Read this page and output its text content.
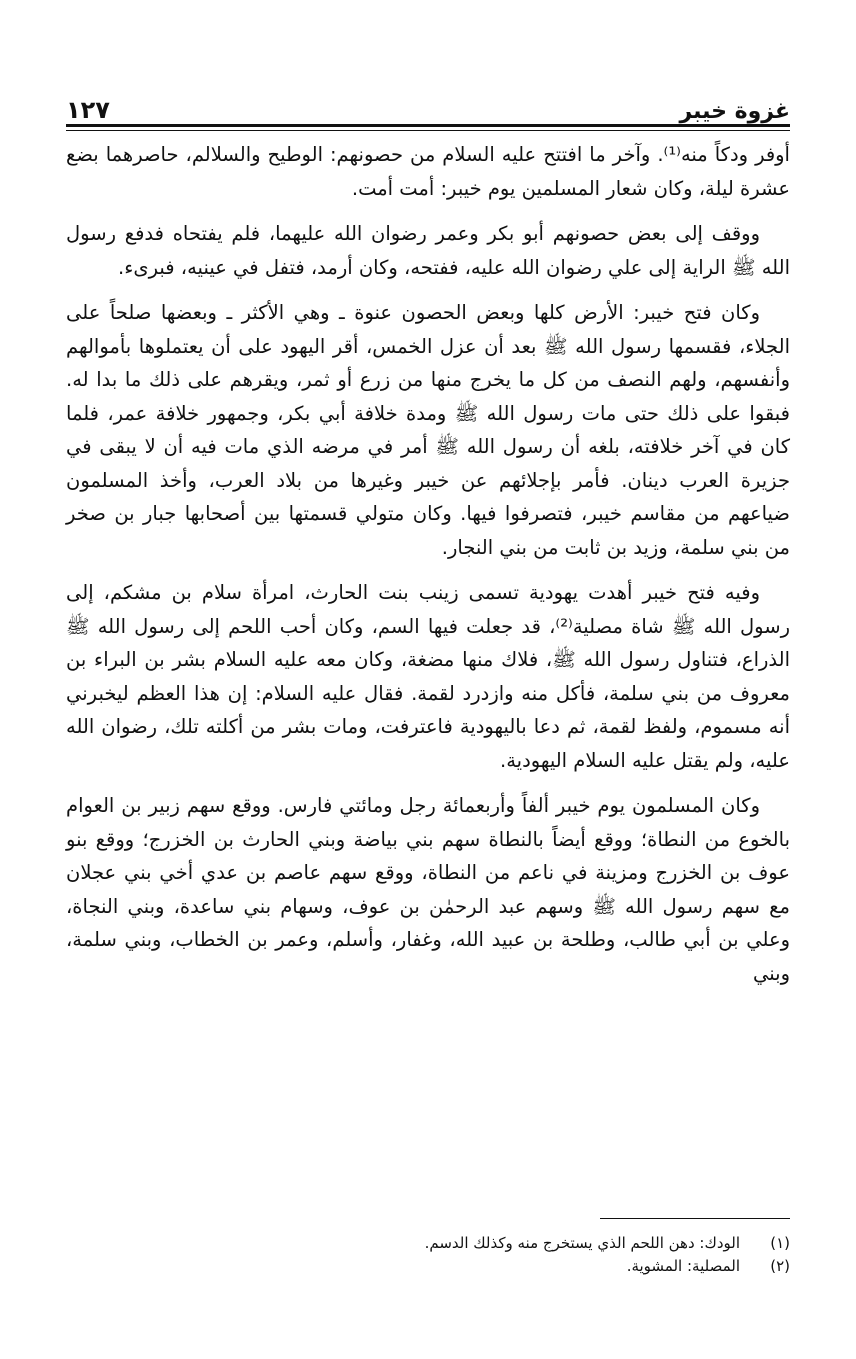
غزوة خيبر
١٢٧

أوفر ودكاً منه⁽¹⁾. وآخر ما افتتح عليه السلام من حصونهم: الوطيح والسلالم، حاصرهما بضع عشرة ليلة، وكان شعار المسلمين يوم خيبر: أمت أمت.

ووقف إلى بعض حصونهم أبو بكر وعمر رضوان الله عليهما، فلم يفتحاه فدفع رسول الله ﷺ الراية إلى علي رضوان الله عليه، ففتحه، وكان أرمد، فتفل في عينيه، فبرىء.

وكان فتح خيبر: الأرض كلها وبعض الحصون عنوة ـ وهي الأكثر ـ وبعضها صلحاً على الجلاء، فقسمها رسول الله ﷺ بعد أن عزل الخمس، أقر اليهود على أن يعتملوها بأموالهم وأنفسهم، ولهم النصف من كل ما يخرج منها من زرع أو ثمر، ويقرهم على ذلك ما بدا له. فبقوا على ذلك حتى مات رسول الله ﷺ ومدة خلافة أبي بكر، وجمهور خلافة عمر، فلما كان في آخر خلافته، بلغه أن رسول الله ﷺ أمر في مرضه الذي مات فيه أن لا يبقى في جزيرة العرب دينان. فأمر بإجلائهم عن خيبر وغيرها من بلاد العرب، وأخذ المسلمون ضياعهم من مقاسم خيبر، فتصرفوا فيها. وكان متولي قسمتها بين أصحابها جبار بن صخر من بني سلمة، وزيد بن ثابت من بني النجار.

وفيه فتح خيبر أهدت يهودية تسمى زينب بنت الحارث، امرأة سلام بن مشكم، إلى رسول الله ﷺ شاة مصلية⁽²⁾، قد جعلت فيها السم، وكان أحب اللحم إلى رسول الله ﷺ الذراع، فتناول رسول الله ﷺ، فلاك منها مضغة، وكان معه عليه السلام بشر بن البراء بن معروف من بني سلمة، فأكل منه وازدرد لقمة. فقال عليه السلام: إن هذا العظم ليخبرني أنه مسموم، ولفظ لقمة، ثم دعا باليهودية فاعترفت، ومات بشر من أكلته تلك، رضوان الله عليه، ولم يقتل عليه السلام اليهودية.

وكان المسلمون يوم خيبر ألفاً وأربعمائة رجل ومائتي فارس. ووقع سهم زبير بن العوام بالخوع من النطاة؛ ووقع أيضاً بالنطاة سهم بني بياضة وبني الحارث بن الخزرج؛ ووقع بنو عوف بن الخزرج ومزينة في ناعم من النطاة، ووقع سهم عاصم بن عدي أخي بني عجلان مع سهم رسول الله ﷺ وسهم عبد الرحمٰن بن عوف، وسهام بني ساعدة، وبني النجاة، وعلي بن أبي طالب، وطلحة بن عبيد الله، وغفار، وأسلم، وعمر بن الخطاب، وبني سلمة، وبني

(١)
الودك: دهن اللحم الذي يستخرج منه وكذلك الدسم.
(٢)
المصلية: المشوية.
